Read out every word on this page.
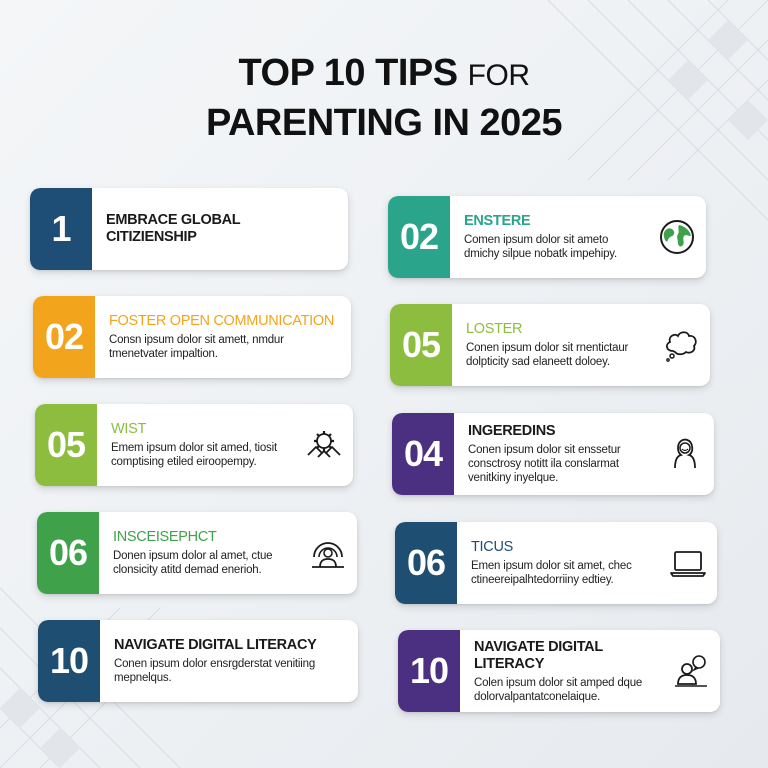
TOP 10 TIPS FOR
PARENTING IN 2025
1	EMBRACE GLOBAL CITIZIENSHIP	02	ENSTERE
Comen ipsum dolor sit ameto dmichy silpue nobatk impehipy.
02	FOSTER OPEN COMMUNICATION
Consn ipsum dolor sit amett, nmdur tmenetvater impaltion.	05	LOSTER
Conen ipsum dolor sit rnentictaur dolpticity sad elaneett doloey.
05	WIST
Emem ipsum dolor sit amed, tiosit comptising etiled eiroopempy.	04
INGEREDINS
Conen ipsum dolor sit enssetur consctrosy notitt ila conslarmat venitkiny inyelque.
06	INSCEISEPHCT
Donen ipsum dolor al amet, ctue clonsicity atitd demad enerioh.	06	TICUS
Emen ipsum dolor sit amet, chec ctineereipalhtedorriiny edtiey.
10	NAVIGATE DIGITAL LITERACY
Conen ipsum dolor ensrgderstat venitiing mepnelqus.	10
NAVIGATE DIGITAL LITERACY
Colen ipsum dolor sit amped dque dolorvalpantatconelaique.
